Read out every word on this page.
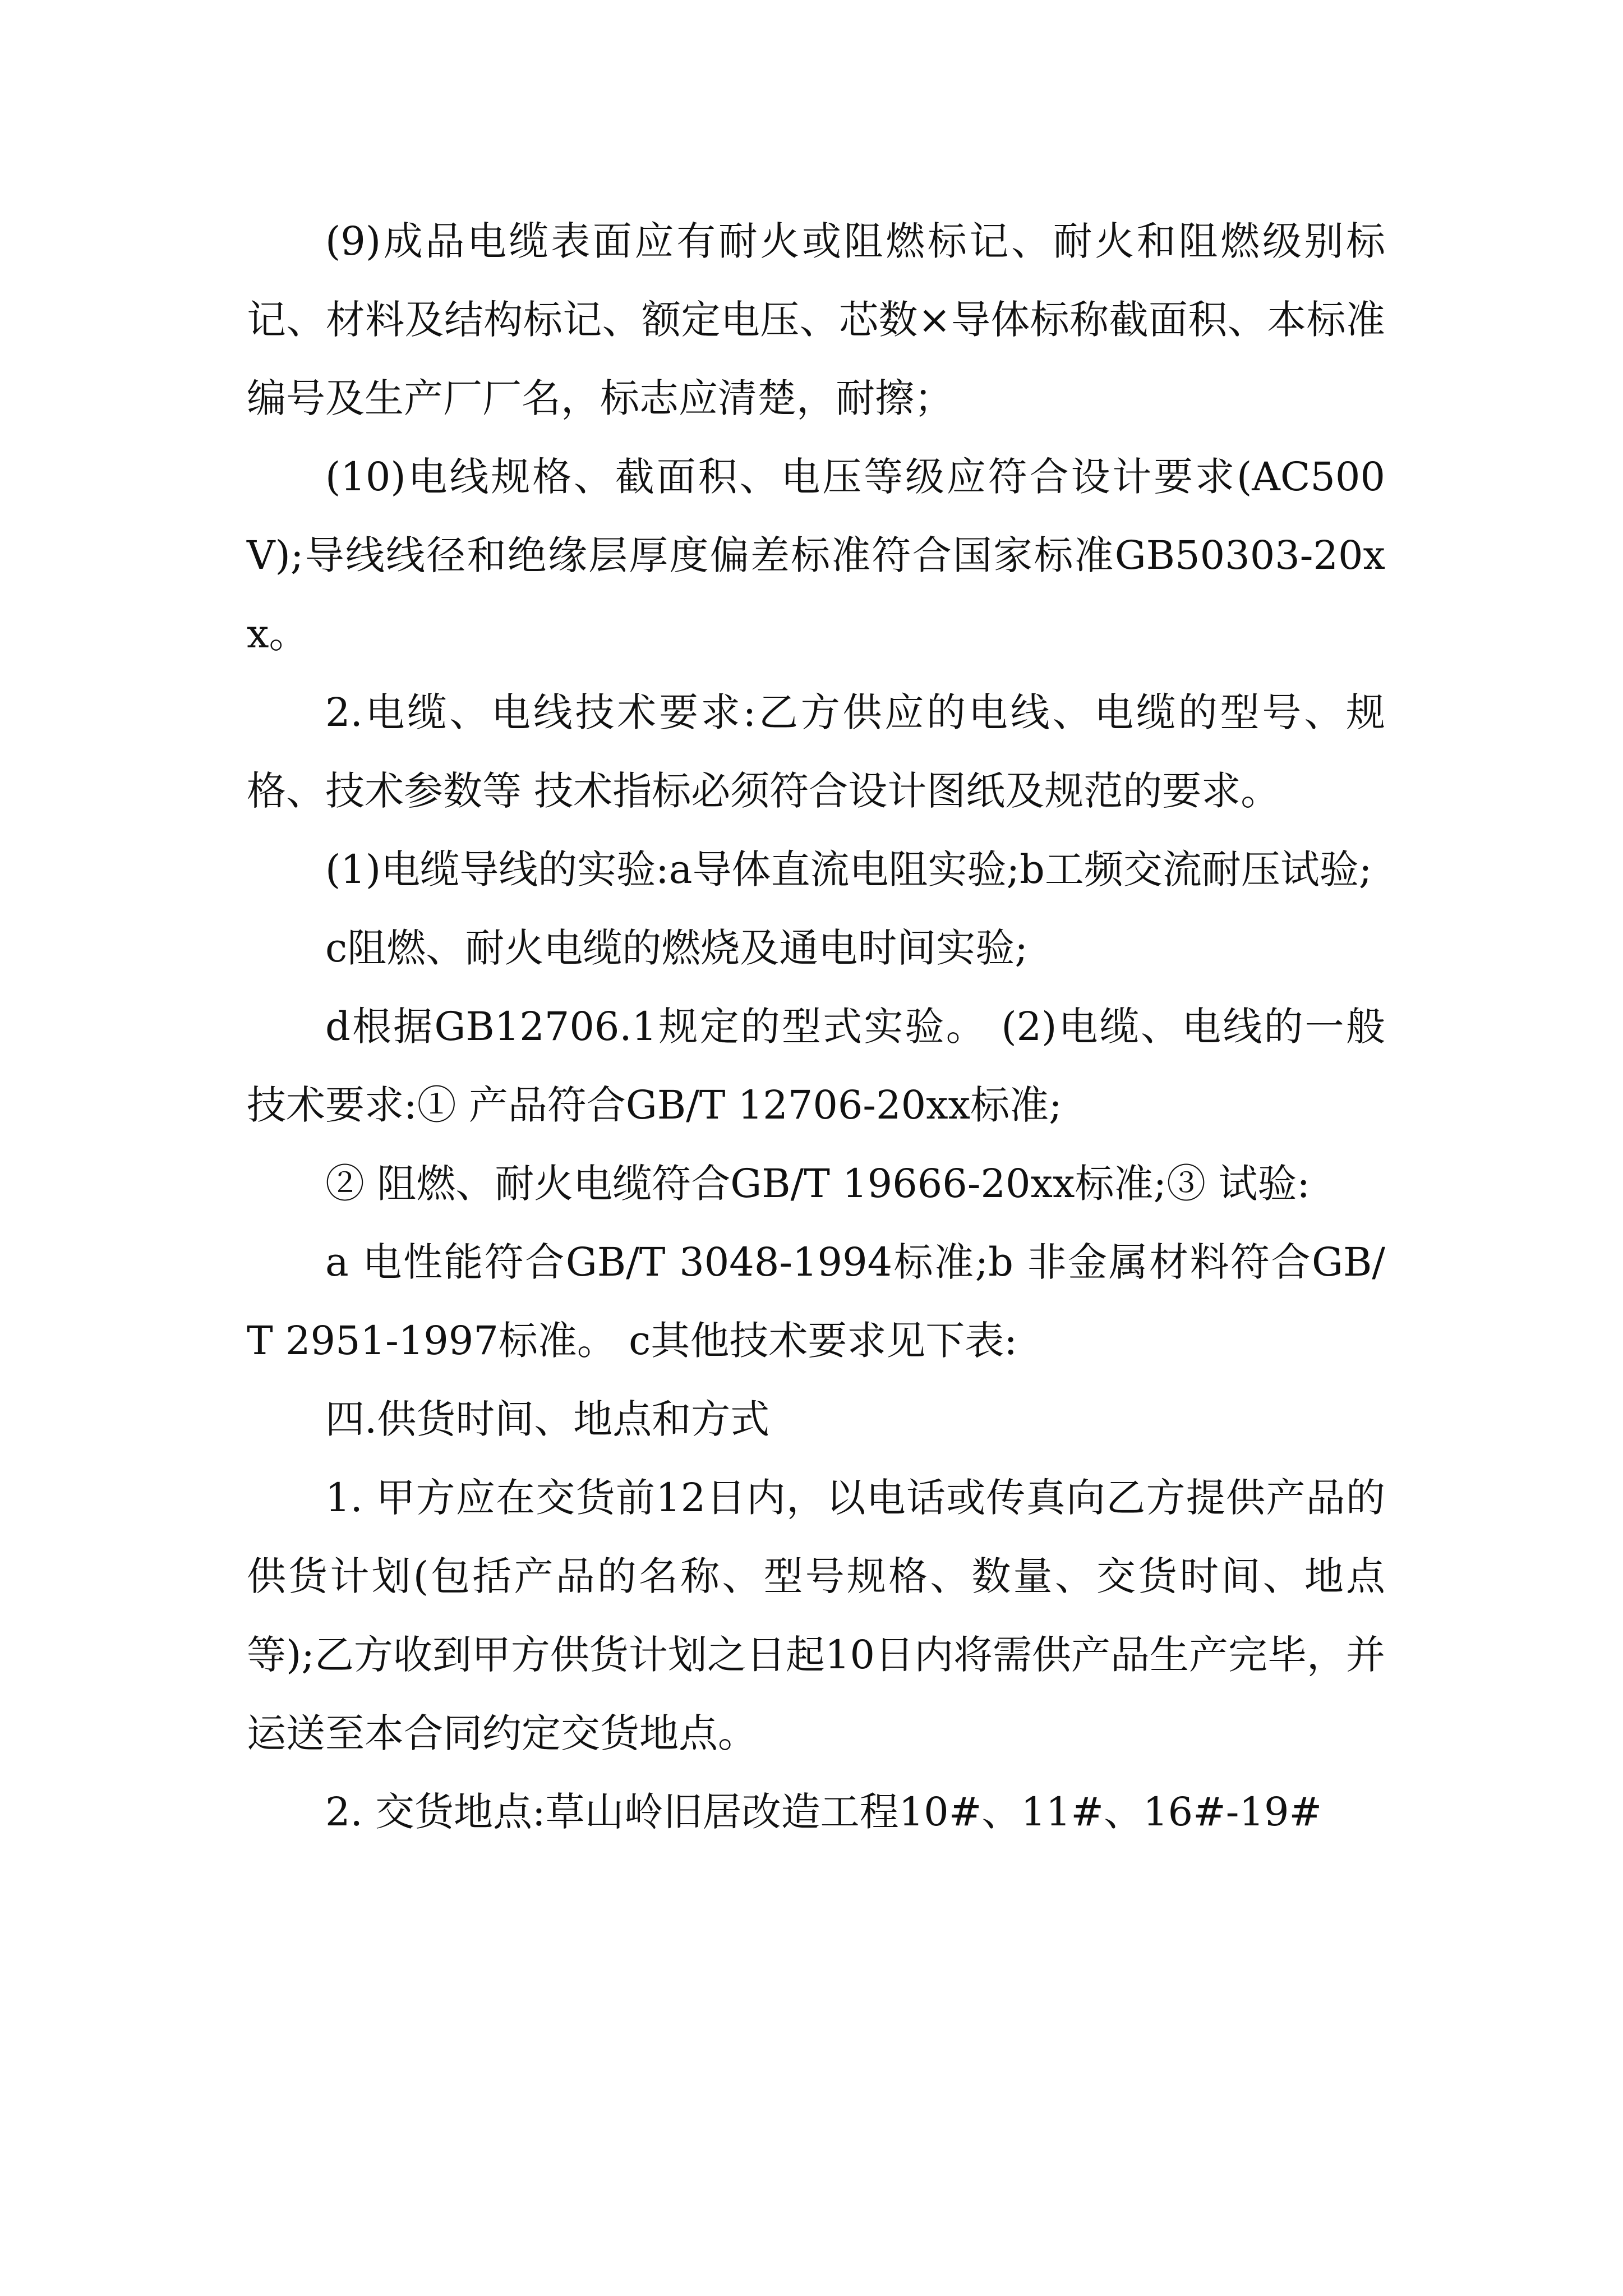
(9)成品电缆表面应有耐火或阻燃标记、耐火和阻燃级别标记、材料及结构标记、额定电压、芯数×导体标称截面积、本标准编号及生产厂厂名，标志应清楚，耐擦；

(10)电线规格、截面积、电压等级应符合设计要求(AC500V);导线线径和绝缘层厚度偏差标准符合国家标准GB50303-20xx。

2.电缆、电线技术要求:乙方供应的电线、电缆的型号、规格、技术参数等 技术指标必须符合设计图纸及规范的要求。

(1)电缆导线的实验:a导体直流电阻实验;b工频交流耐压试验;

c阻燃、耐火电缆的燃烧及通电时间实验;

d根据GB12706.1规定的型式实验。 (2)电缆、电线的一般技术要求:① 产品符合GB/T 12706-20xx标准;

② 阻燃、耐火电缆符合GB/T 19666-20xx标准;③ 试验:

a 电性能符合GB/T 3048-1994标准;b 非金属材料符合GB/T 2951-1997标准。 c其他技术要求见下表:

四.供货时间、地点和方式

1. 甲方应在交货前12日内，以电话或传真向乙方提供产品的供货计划(包括产品的名称、型号规格、数量、交货时间、地点等);乙方收到甲方供货计划之日起10日内将需供产品生产完毕，并运送至本合同约定交货地点。

2. 交货地点:草山岭旧居改造工程10#、11#、16#-19#
